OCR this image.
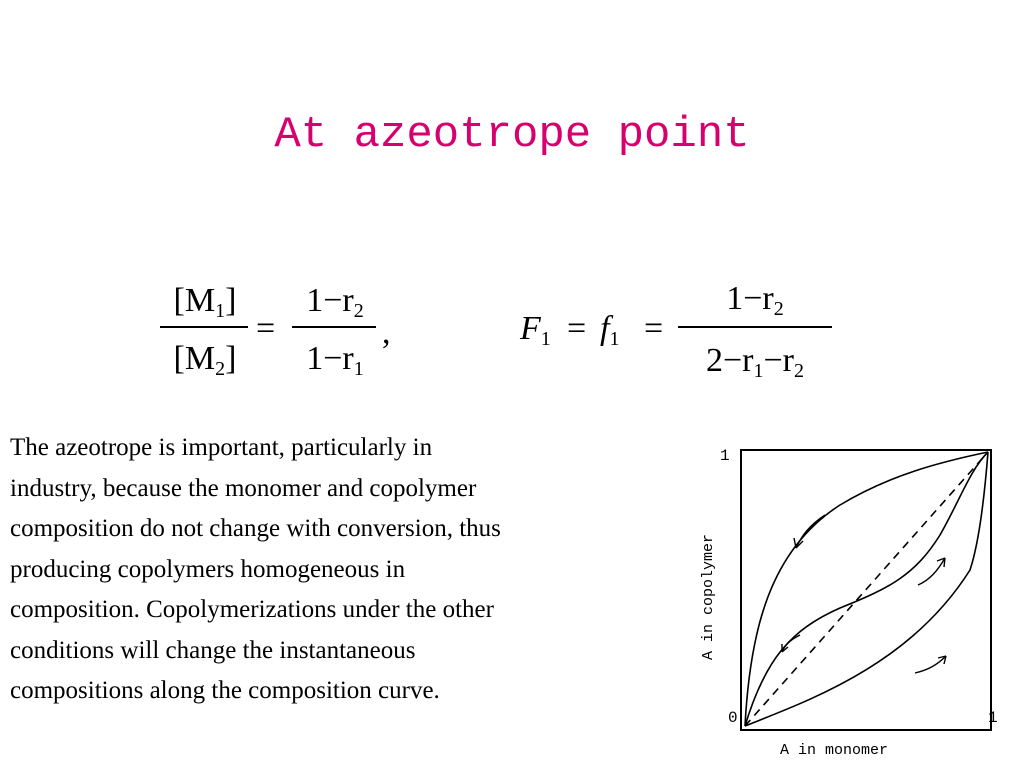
At azeotrope point
$[M_1]$
$[M_2]$
=
$1-r_2$
$1-r_1$
,	$F_1 = f_1$ =
$1-r_2$
$2-r_1-r_2$
The azeotrope is important, particularly in
industry, because the monomer and copolymer
composition do not change with conversion, thus
producing copolymers homogeneous in
composition. Copolymerizations under the other
conditions will change the instantaneous
compositions along the composition curve.
1
0	1
A in copolymer
A in monomer
